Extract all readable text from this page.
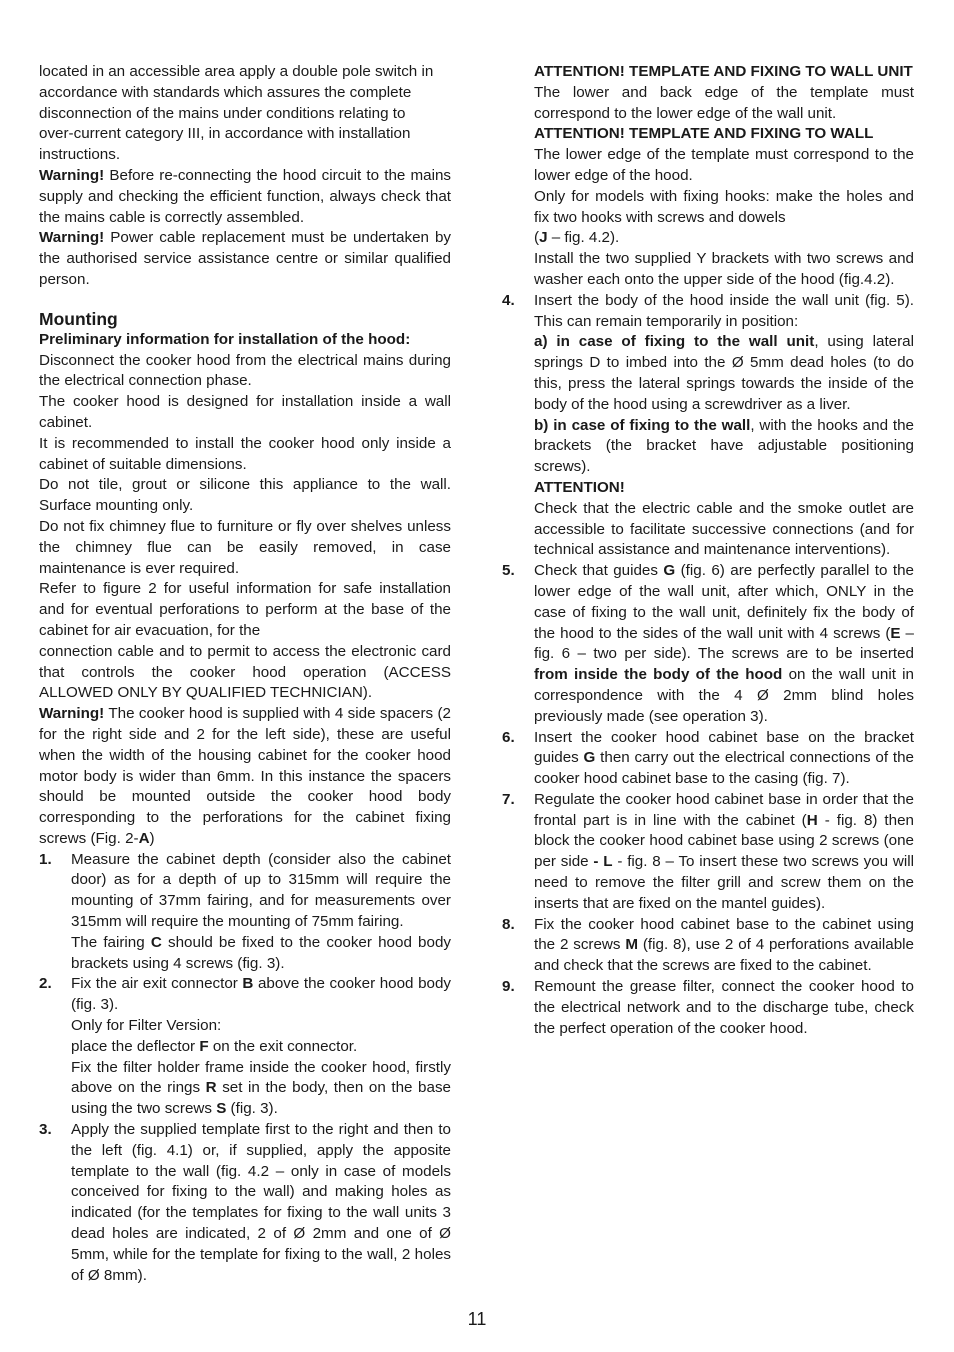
located in an accessible area apply a double pole switch in accordance with standards which assures the complete disconnection of the mains under conditions relating to over-current category III, in accordance with installation instructions.

Warning! Before re-connecting the hood circuit to the mains supply and checking the efficient function, always check that the mains cable is correctly assembled.

Warning! Power cable replacement must be undertaken by the authorised service assistance centre or similar qualified person.

Mounting

Preliminary information for installation of the hood:

Disconnect the cooker hood from the electrical mains during the electrical connection phase.

The cooker hood is designed for installation inside a wall cabinet.

It is recommended to install the cooker hood only inside a cabinet of suitable dimensions.

Do not tile, grout or silicone this appliance to the wall. Surface mounting only.

Do not fix chimney flue to furniture or fly over shelves unless the chimney flue can be easily removed, in case maintenance is ever required.

Refer to figure 2 for useful information for safe installation and for eventual perforations to perform at the base of the cabinet for air evacuation, for the

connection cable and to permit to access the electronic card that controls the cooker hood operation (ACCESS ALLOWED ONLY BY QUALIFIED TECHNICIAN).

Warning! The cooker hood is supplied with 4 side spacers (2 for the right side and 2 for the left side), these are useful when the width of the housing cabinet for the cooker hood motor body is wider than 6mm. In this instance the spacers should be mounted outside the cooker hood body corresponding to the perforations for the cabinet fixing screws (Fig. 2-A)

1.	Measure the cabinet depth (consider also the cabinet door) as for a depth of up to 315mm will require the mounting of 37mm fairing, and for measurements over 315mm will require the mounting of 75mm fairing.

The fairing C should be fixed to the cooker hood body brackets using 4 screws (fig. 3).

2.	Fix the air exit connector B above the cooker hood body (fig. 3).

Only for Filter Version:

place the deflector F on the exit connector.

Fix the filter holder frame inside the cooker hood, firstly above on the rings R set in the body, then on the base using the two screws S (fig. 3).

3.	Apply the supplied template first to the right and then to the left (fig. 4.1) or, if supplied, apply the apposite template to the wall (fig. 4.2 – only in case of models conceived for fixing to the wall) and making holes as indicated (for the templates for fixing to the wall units 3 dead holes are indicated, 2 of Ø 2mm and one of Ø 5mm, while for the template for fixing to the wall, 2 holes of Ø 8mm).

ATTENTION! TEMPLATE AND FIXING TO WALL UNIT

The lower and back edge of the template must correspond to the lower edge of the wall unit.

ATTENTION! TEMPLATE AND FIXING TO WALL

The lower edge of the template must correspond to the lower edge of the hood.

Only for models with fixing hooks: make the holes and fix two hooks with screws and dowels

(J – fig. 4.2).

Install the two supplied Y brackets with two screws and washer each onto the upper side of the hood (fig.4.2).

4.	Insert the body of the hood inside the wall unit (fig. 5). This can remain temporarily in position:

a) in case of fixing to the wall unit, using lateral springs D to imbed into the Ø 5mm dead holes (to do this, press the lateral springs towards the inside of the body of the hood using a screwdriver as a liver.

b) in case of fixing to the wall, with the hooks and the brackets (the bracket have adjustable positioning screws).

ATTENTION!

Check that the electric cable and the smoke outlet are accessible to facilitate successive connections (and for technical assistance and maintenance interventions).

5.	Check that guides G (fig. 6) are perfectly parallel to the lower edge of the wall unit, after which, ONLY in the case of fixing to the wall unit, definitely fix the body of the hood to the sides of the wall unit with 4 screws (E – fig. 6 – two per side). The screws are to be inserted from inside the body of the hood on the wall unit in correspondence with the 4 Ø 2mm blind holes previously made (see operation 3).

6.	Insert the cooker hood cabinet base on the bracket guides G then carry out the electrical connections of the cooker hood cabinet base to the casing (fig. 7).

7.	Regulate the cooker hood cabinet base in order that the frontal part is in line with the cabinet (H - fig. 8) then block the cooker hood cabinet base using 2 screws (one per side - L - fig. 8 – To insert these two screws you will need to remove the filter grill and screw them on the inserts that are fixed on the mantel guides).

8.	Fix the cooker hood cabinet base to the cabinet using the 2 screws M (fig. 8), use 2 of 4 perforations available and check that the screws are fixed to the cabinet.

9.	Remount the grease filter, connect the cooker hood to the electrical network and to the discharge tube, check the perfect operation of the cooker hood.

11
